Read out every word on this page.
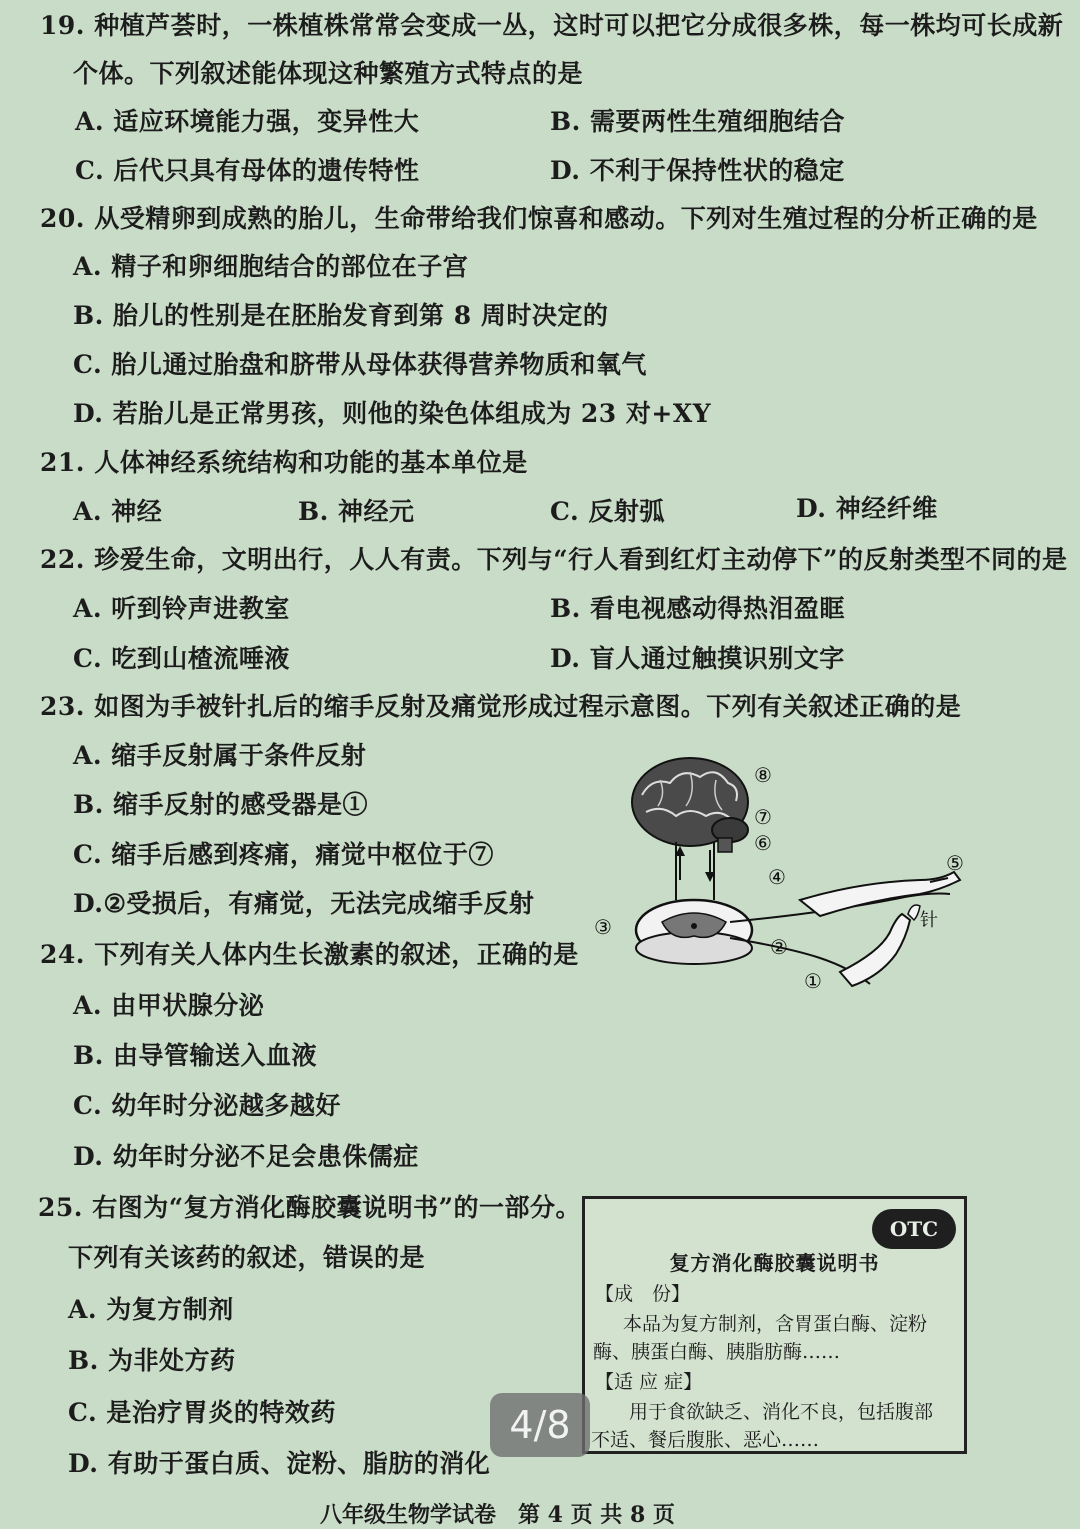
19. 种植芦荟时，一株植株常常会变成一丛，这时可以把它分成很多株，每一株均可长成新
个体。下列叙述能体现这种繁殖方式特点的是
A. 适应环境能力强，变异性大	B. 需要两性生殖细胞结合
C. 后代只具有母体的遗传特性	D. 不利于保持性状的稳定
20. 从受精卵到成熟的胎儿，生命带给我们惊喜和感动。下列对生殖过程的分析正确的是
A. 精子和卵细胞结合的部位在子宫
B. 胎儿的性别是在胚胎发育到第 8 周时决定的
C. 胎儿通过胎盘和脐带从母体获得营养物质和氧气
D. 若胎儿是正常男孩，则他的染色体组成为 23 对+XY
21. 人体神经系统结构和功能的基本单位是
A. 神经	B. 神经元	C. 反射弧	D. 神经纤维
22. 珍爱生命，文明出行，人人有责。下列与“行人看到红灯主动停下”的反射类型不同的是
A. 听到铃声进教室	B. 看电视感动得热泪盈眶
C. 吃到山楂流唾液	D. 盲人通过触摸识别文字
23. 如图为手被针扎后的缩手反射及痛觉形成过程示意图。下列有关叙述正确的是
A. 缩手反射属于条件反射
B. 缩手反射的感受器是①
C. 缩手后感到疼痛，痛觉中枢位于⑦
D.②受损后，有痛觉，无法完成缩手反射
针
⑧
⑦
⑥
⑤
④
③
②
①
24. 下列有关人体内生长激素的叙述，正确的是
A. 由甲状腺分泌
B. 由导管输送入血液
C. 幼年时分泌越多越好
D. 幼年时分泌不足会患侏儒症
25. 右图为“复方消化酶胶囊说明书”的一部分。
下列有关该药的叙述，错误的是
A. 为复方制剂
B. 为非处方药
C. 是治疗胃炎的特效药
D. 有助于蛋白质、淀粉、脂肪的消化
OTC
复方消化酶胶囊说明书
【成　份】
本品为复方制剂，含胃蛋白酶、淀粉
酶、胰蛋白酶、胰脂肪酶……
【适 应 症】
用于食欲缺乏、消化不良，包括腹部
不适、餐后腹胀、恶心……
4/8
八年级生物学试卷　第 4 页 共 8 页
